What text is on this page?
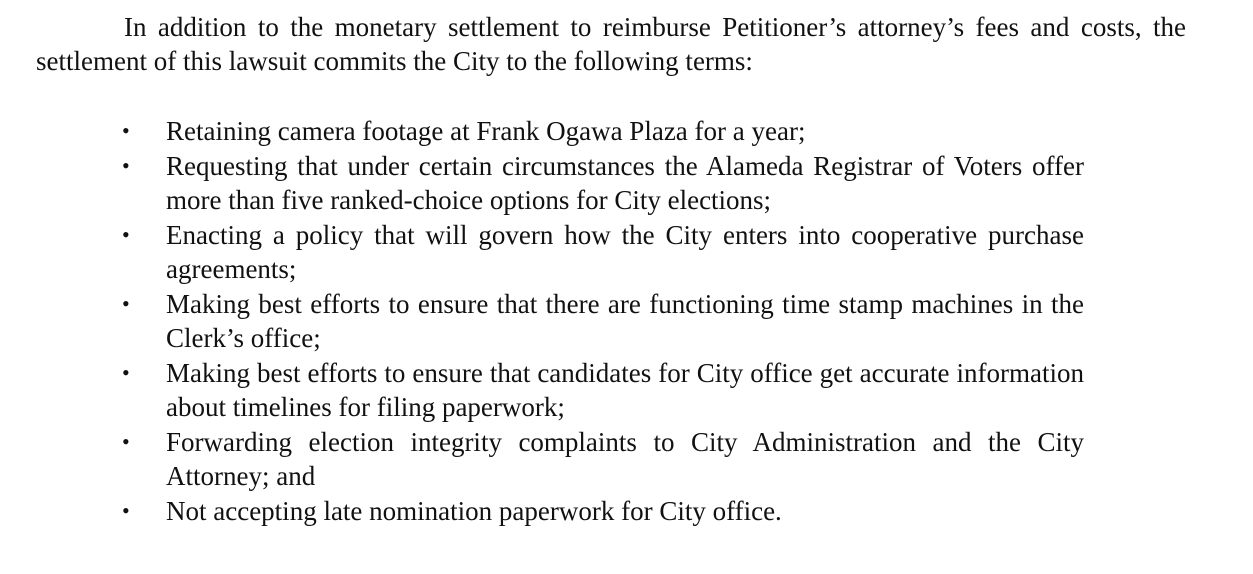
In addition to the monetary settlement to reimburse Petitioner’s attorney’s fees and costs, the settlement of this lawsuit commits the City to the following terms:

•	Retaining camera footage at Frank Ogawa Plaza for a year;
•	Requesting that under certain circumstances the Alameda Registrar of Voters offer more than five ranked-choice options for City elections;
•	Enacting a policy that will govern how the City enters into cooperative purchase agreements;
•	Making best efforts to ensure that there are functioning time stamp machines in the Clerk’s office;
•	Making best efforts to ensure that candidates for City office get accurate information about timelines for filing paperwork;
•	Forwarding election integrity complaints to City Administration and the City Attorney; and
•	Not accepting late nomination paperwork for City office.
